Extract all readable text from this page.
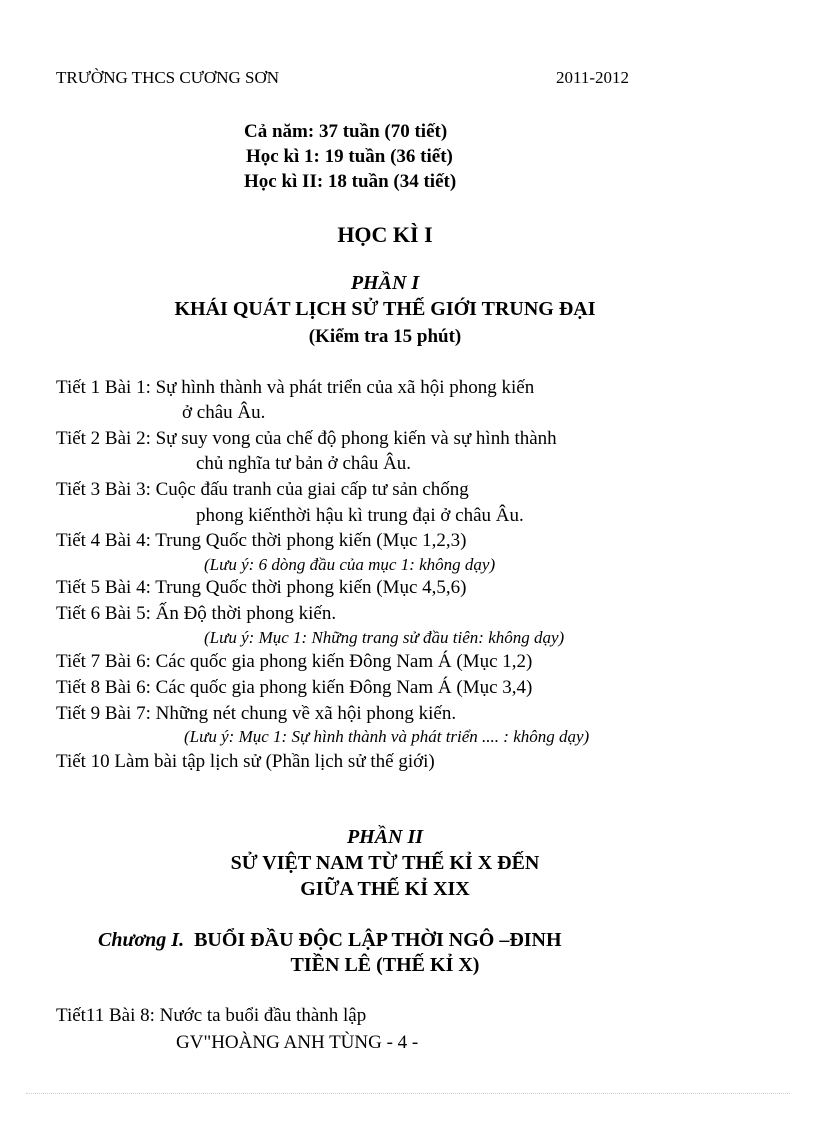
TRƯỜNG THCS CƯƠNG SƠN	2011-2012
Cả năm: 37 tuần (70 tiết)
Học kì 1: 19 tuần (36 tiết)
Học kì II: 18 tuần (34 tiết)
HỌC KÌ I
PHẦN I
KHÁI QUÁT LỊCH SỬ THẾ GIỚI TRUNG ĐẠI
(Kiểm tra 15 phút)
Tiết 1 Bài 1: Sự hình thành và phát triển của xã hội phong kiến
ở châu Âu.
Tiết 2 Bài 2: Sự suy vong của chế độ phong kiến và sự hình thành
chủ nghĩa tư bản ở châu Âu.
Tiết 3 Bài 3: Cuộc đấu tranh của giai cấp tư sản chống
phong kiếnthời hậu kì trung đại ở châu Âu.
Tiết 4 Bài 4: Trung Quốc thời phong kiến (Mục 1,2,3)
(Lưu ý: 6 dòng đầu của mục 1: không dạy)
Tiết 5 Bài 4: Trung Quốc thời phong kiến (Mục 4,5,6)
Tiết 6 Bài 5: Ấn Độ thời phong kiến.
(Lưu ý: Mục 1: Những trang sử đầu tiên: không dạy)
Tiết 7 Bài 6: Các quốc gia phong kiến Đông Nam Á (Mục 1,2)
Tiết 8 Bài 6: Các quốc gia phong kiến Đông Nam Á (Mục 3,4)
Tiết 9 Bài 7: Những nét chung về xã hội phong kiến.
(Lưu ý: Mục 1: Sự hình thành và phát triển .... : không dạy)
Tiết 10 Làm bài tập lịch sử (Phần lịch sử thế giới)
PHẦN II
SỬ VIỆT NAM TỪ THẾ KỈ X ĐẾN
GIỮA THẾ KỈ XIX
Chương I. BUỔI ĐẦU ĐỘC LẬP THỜI NGÔ –ĐINH
TIỀN LÊ (THẾ KỈ X)
Tiết11 Bài 8: Nước ta buổi đầu thành lập
GV"HOÀNG ANH TÙNG - 4 -
